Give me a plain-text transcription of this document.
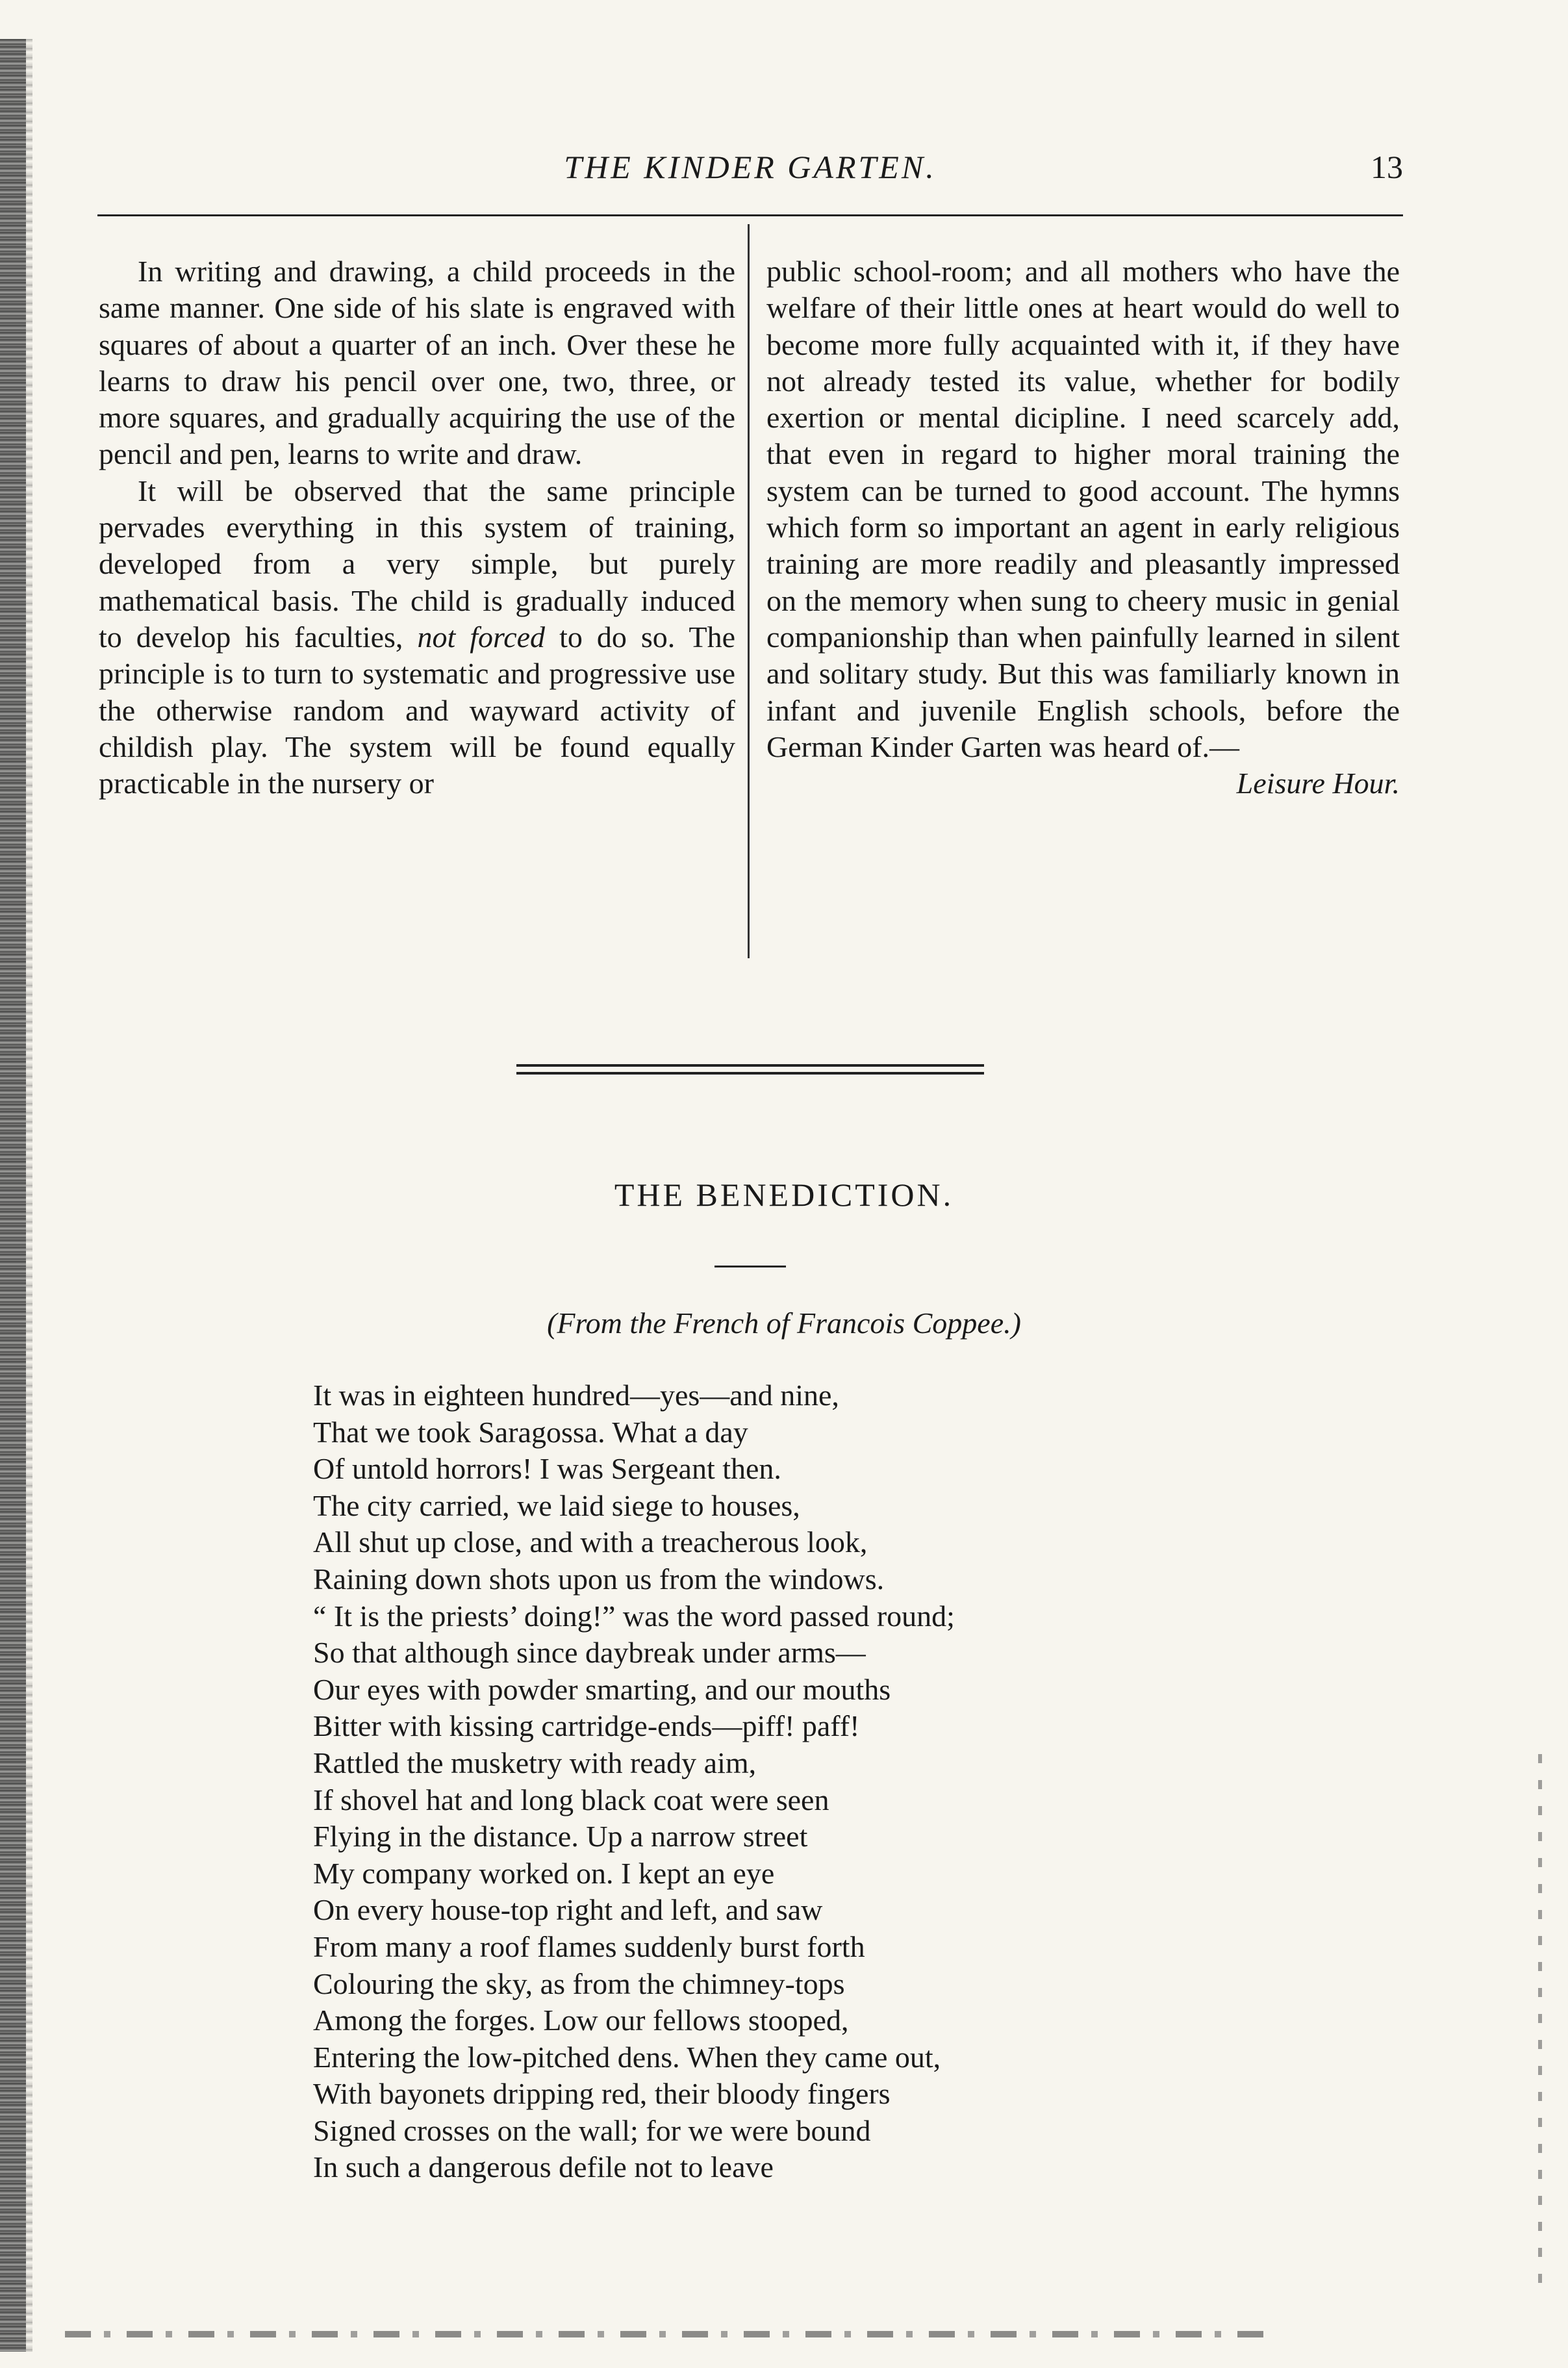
THE KINDER GARTEN.	13

In writing and drawing, a child proceeds in the same manner. One side of his slate is engraved with squares of about a quarter of an inch. Over these he learns to draw his pencil over one, two, three, or more squares, and gradually acquiring the use of the pencil and pen, learns to write and draw.

It will be observed that the same principle pervades everything in this system of training, developed from a very simple, but purely mathematical basis. The child is gradually induced to develop his faculties, not forced to do so. The principle is to turn to systematic and progressive use the otherwise random and wayward activity of childish play. The system will be found equally practicable in the nursery or

public school-room; and all mothers who have the welfare of their little ones at heart would do well to become more fully acquainted with it, if they have not already tested its value, whether for bodily exertion or mental dicipline. I need scarcely add, that even in regard to higher moral training the system can be turned to good account. The hymns which form so important an agent in early religious training are more readily and pleasantly impressed on the memory when sung to cheery music in genial companionship than when painfully learned in silent and solitary study. But this was familiarly known in infant and juvenile English schools, before the German Kinder Garten was heard of.—

Leisure Hour.

THE BENEDICTION.
(From the French of Francois Coppee.)
It was in eighteen hundred—yes—and nine,
That we took Saragossa. What a day
Of untold horrors! I was Sergeant then.
The city carried, we laid siege to houses,
All shut up close, and with a treacherous look,
Raining down shots upon us from the windows.
“ It is the priests’ doing!” was the word passed round;
So that although since daybreak under arms—
Our eyes with powder smarting, and our mouths
Bitter with kissing cartridge-ends—piff! paff!
Rattled the musketry with ready aim,
If shovel hat and long black coat were seen
Flying in the distance. Up a narrow street
My company worked on. I kept an eye
On every house-top right and left, and saw
From many a roof flames suddenly burst forth
Colouring the sky, as from the chimney-tops
Among the forges. Low our fellows stooped,
Entering the low-pitched dens. When they came out,
With bayonets dripping red, their bloody fingers
Signed crosses on the wall; for we were bound
In such a dangerous defile not to leave
